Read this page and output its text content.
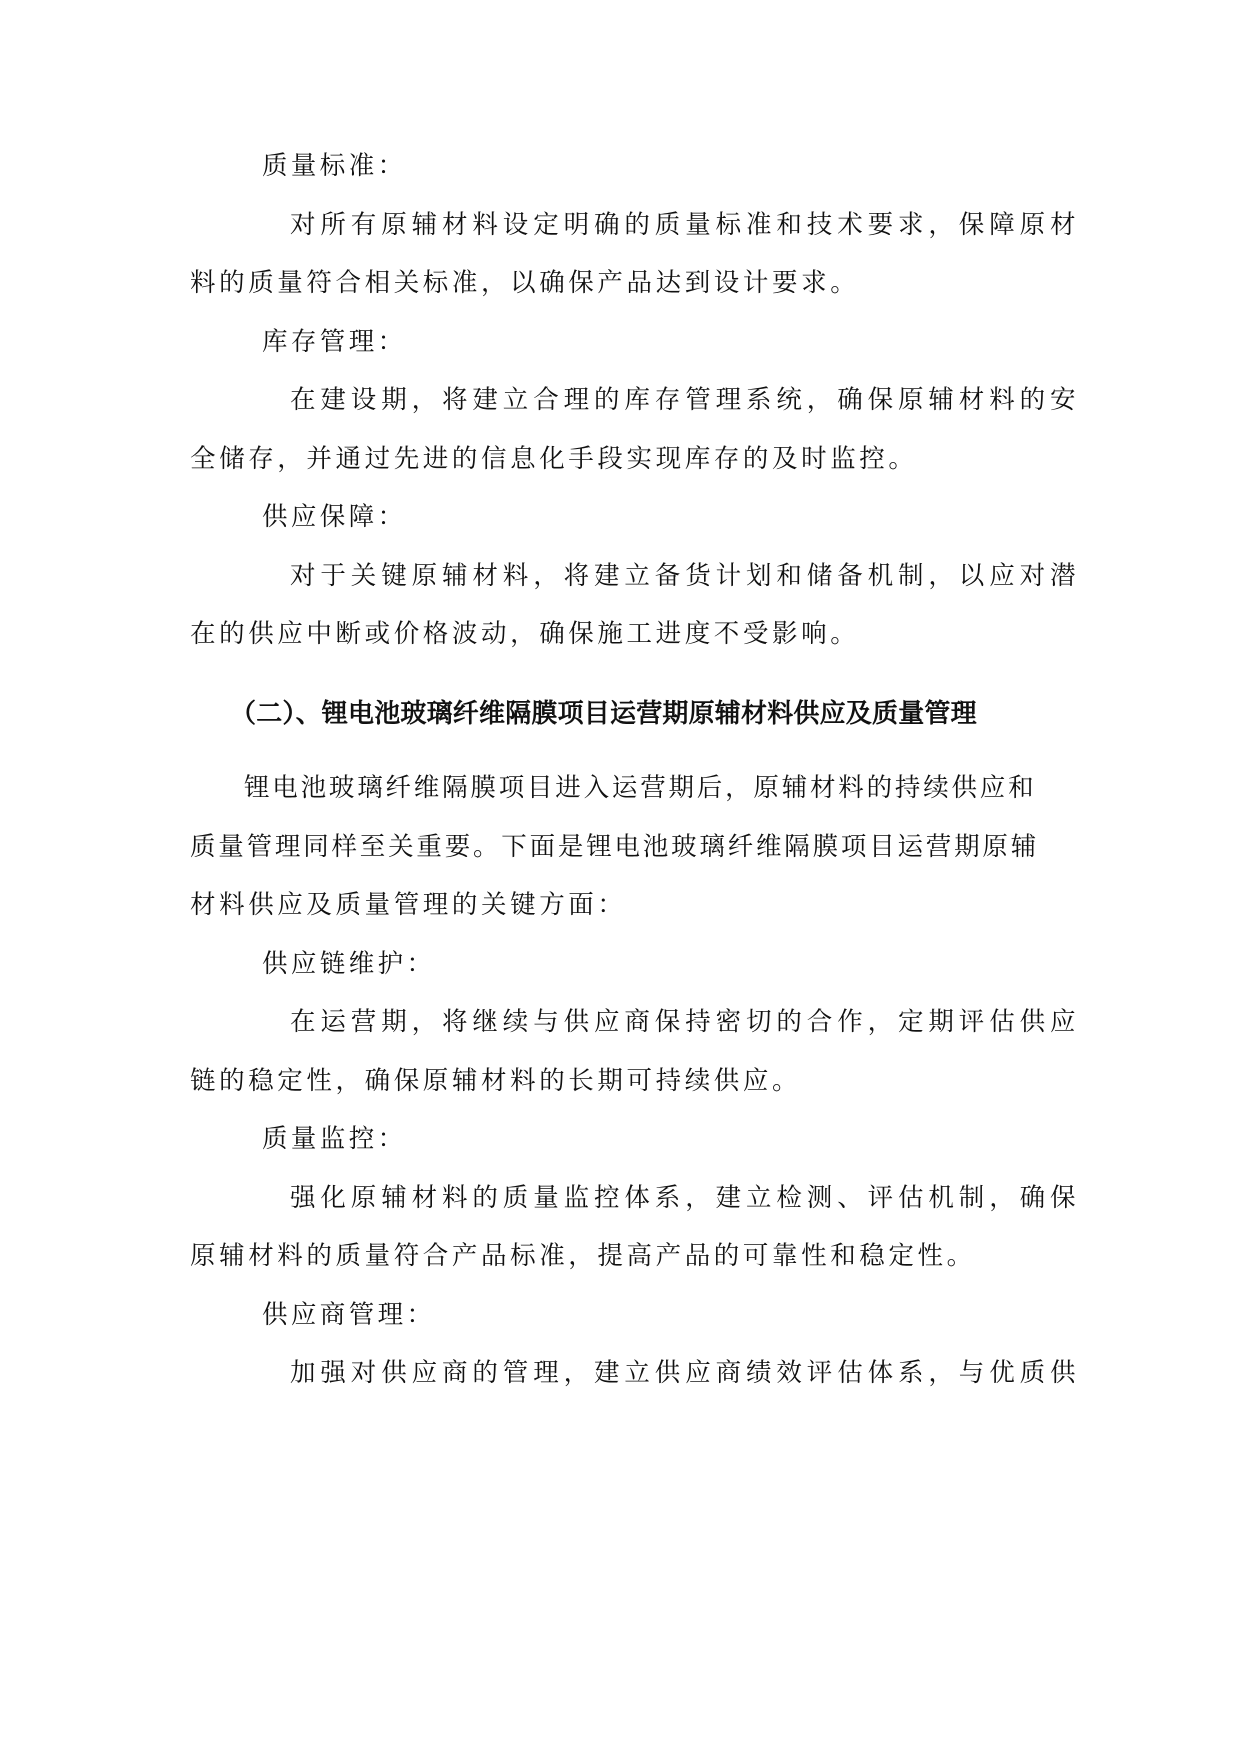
质量标准：

对所有原辅材料设定明确的质量标准和技术要求，保障原材

料的质量符合相关标准，以确保产品达到设计要求。

库存管理：

在建设期，将建立合理的库存管理系统，确保原辅材料的安

全储存，并通过先进的信息化手段实现库存的及时监控。

供应保障：

对于关键原辅材料，将建立备货计划和储备机制，以应对潜

在的供应中断或价格波动，确保施工进度不受影响。

（二）、锂电池玻璃纤维隔膜项目运营期原辅材料供应及质量管理

锂电池玻璃纤维隔膜项目进入运营期后，原辅材料的持续供应和

质量管理同样至关重要。下面是锂电池玻璃纤维隔膜项目运营期原辅

材料供应及质量管理的关键方面：

供应链维护：

在运营期，将继续与供应商保持密切的合作，定期评估供应

链的稳定性，确保原辅材料的长期可持续供应。

质量监控：

强化原辅材料的质量监控体系，建立检测、评估机制，确保

原辅材料的质量符合产品标准，提高产品的可靠性和稳定性。

供应商管理：

加强对供应商的管理，建立供应商绩效评估体系，与优质供
